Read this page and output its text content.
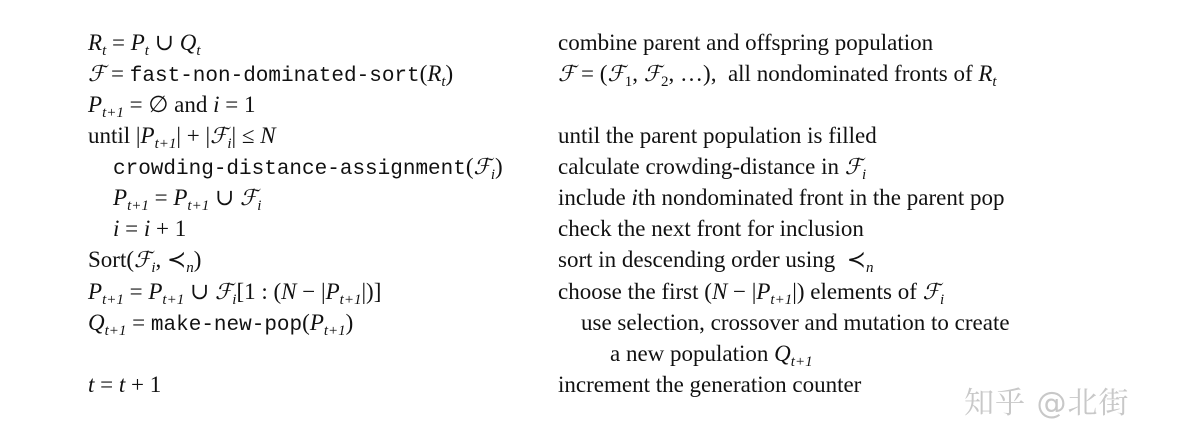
$R_t = P_t$ ∪ $Q_t$	combine parent and offspring population
ℱ = fast-$non-dominated-sort(R_t)$	ℱ = (ℱ$_1$, ℱ$_2$, …),  all nondominated fronts of $R_t$
$P_{t+1}$ = ∅ and i = 1
until $|P_{t+1}|$ + |ℱ$_i$| ≤ N	until the parent population is filled
crowding-distance-assignment(ℱ$_i$) calculate crowding-distance in ℱ$_i$
$P_{t+1} = P_{t+1}$ ∪ ℱ$_i$	include ith nondominated front in the parent pop
i = i + 1	check the next front for inclusion
Sort(ℱ$_i$, $≺_n$)	sort in descending order using  $≺_n$
$P_{t+1} = P_{t+1}$ ∪ ℱ$_i$[1 : $(N - |P_{t+1}|)$]	choose the first $(N - |P_{t+1}|)$ elements of ℱ$_i$
$Q_{t+1}$ = make-$new-pop(P_{t+1})$	use selection, crossover and mutation to create
a new population $Q_{t+1}$
t = t + 1	increment the generation counter
知乎 @北街
